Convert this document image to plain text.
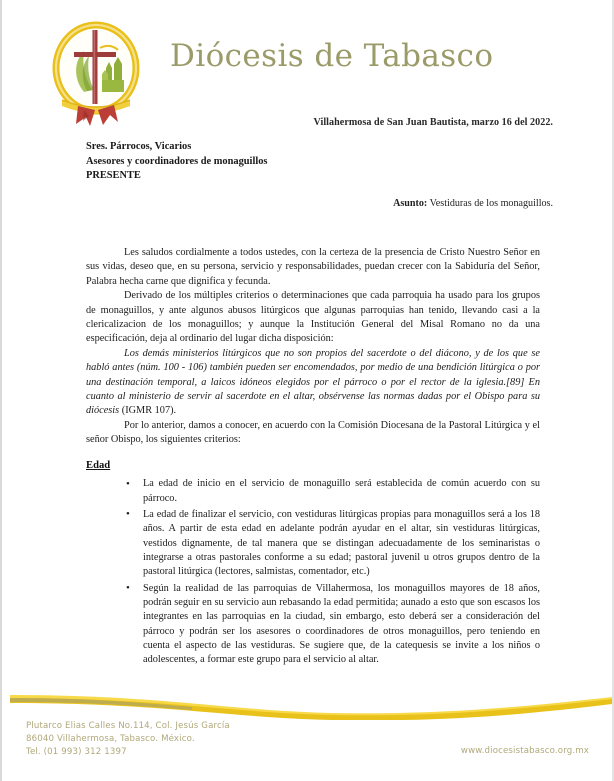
Diócesis de Tabasco
Villahermosa de San Juan Bautista, marzo 16 del 2022.
Sres. Párrocos, Vicarios
Asesores y coordinadores de monaguillos
PRESENTE
Asunto: Vestiduras de los monaguillos.

Les saludos cordialmente a todos ustedes, con la certeza de la presencia de Cristo Nuestro Señor en sus vidas, deseo que, en su persona, servicio y responsabilidades, puedan crecer con la Sabiduría del Señor, Palabra hecha carne que dignifica y fecunda.

Derivado de los múltiples criterios o determinaciones que cada parroquia ha usado para los grupos de monaguillos, y ante algunos abusos litúrgicos que algunas parroquias han tenido, llevando casi a la clericalizacion de los monaguillos; y aunque la Institución General del Misal Romano no da una especificación, deja al ordinario del lugar dicha disposición:

Los demás ministerios litúrgicos que no son propios del sacerdote o del diácono, y de los que se habló antes (núm. 100 - 106) también pueden ser encomendados, por medio de una bendición litúrgica o por una destinación temporal, a laicos idóneos elegidos por el párroco o por el rector de la iglesia.[89] En cuanto al ministerio de servir al sacerdote en el altar, obsérvense las normas dadas por el Obispo para su diócesis (IGMR 107).

Por lo anterior, damos a conocer, en acuerdo con la Comisión Diocesana de la Pastoral Litúrgica y el señor Obispo, los siguientes criterios:

Edad
• La edad de inicio en el servicio de monaguillo será establecida de común acuerdo con su párroco.
• La edad de finalizar el servicio, con vestiduras litúrgicas propias para monaguillos será a los 18 años. A partir de esta edad en adelante podrán ayudar en el altar, sin vestiduras litúrgicas, vestidos dignamente, de tal manera que se distingan adecuadamente de los seminaristas o integrarse a otras pastorales conforme a su edad; pastoral juvenil u otros grupos dentro de la pastoral litúrgica (lectores, salmistas, comentador, etc.)
• Según la realidad de las parroquias de Villahermosa, los monaguillos mayores de 18 años, podrán seguir en su servicio aun rebasando la edad permitida; aunado a esto que son escasos los integrantes en las parroquias en la ciudad, sin embargo, esto deberá ser a consideración del párroco y podrán ser los asesores o coordinadores de otros monaguillos, pero teniendo en cuenta el aspecto de las vestiduras. Se sugiere que, de la catequesis se invite a los niños o adolescentes, a formar este grupo para el servicio al altar.
Plutarco Elias Calles No.114, Col. Jesús García
86040 Villahermosa, Tabasco. México.
Tel. (01 993) 312 1397	www.diocesistabasco.org.mx
